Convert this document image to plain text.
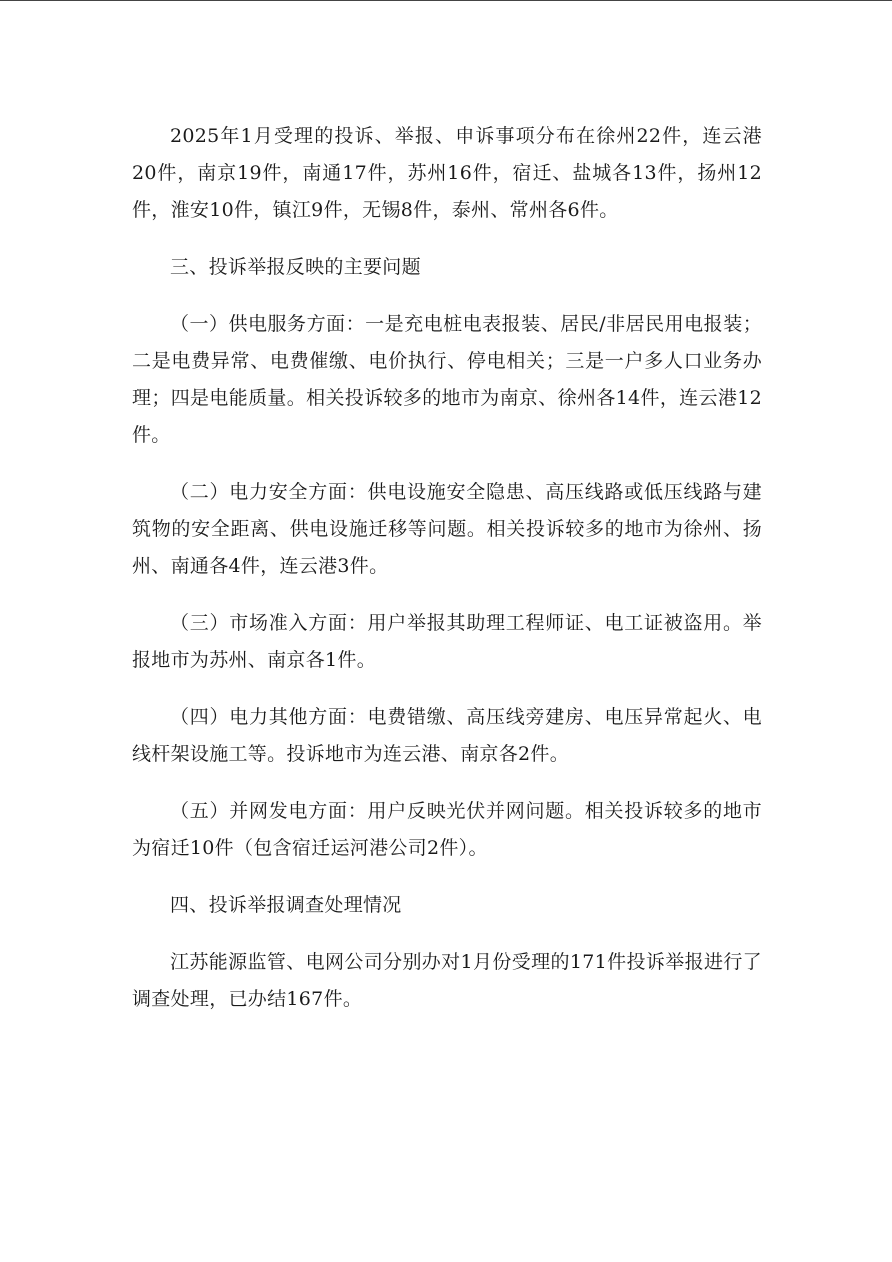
2025年1月受理的投诉、举报、申诉事项分布在徐州22件，连云港20件，南京19件，南通17件，苏州16件，宿迁、盐城各13件，扬州12件，淮安10件，镇江9件，无锡8件，泰州、常州各6件。

三、投诉举报反映的主要问题

（一）供电服务方面：一是充电桩电表报装、居民/非居民用电报装；二是电费异常、电费催缴、电价执行、停电相关；三是一户多人口业务办理；四是电能质量。相关投诉较多的地市为南京、徐州各14件，连云港12件。

（二）电力安全方面：供电设施安全隐患、高压线路或低压线路与建筑物的安全距离、供电设施迁移等问题。相关投诉较多的地市为徐州、扬州、南通各4件，连云港3件。

（三）市场准入方面：用户举报其助理工程师证、电工证被盗用。举报地市为苏州、南京各1件。

（四）电力其他方面：电费错缴、高压线旁建房、电压异常起火、电线杆架设施工等。投诉地市为连云港、南京各2件。

（五）并网发电方面：用户反映光伏并网问题。相关投诉较多的地市为宿迁10件（包含宿迁运河港公司2件）。

四、投诉举报调查处理情况

江苏能源监管、电网公司分别办对1月份受理的171件投诉举报进行了调查处理，已办结167件。
